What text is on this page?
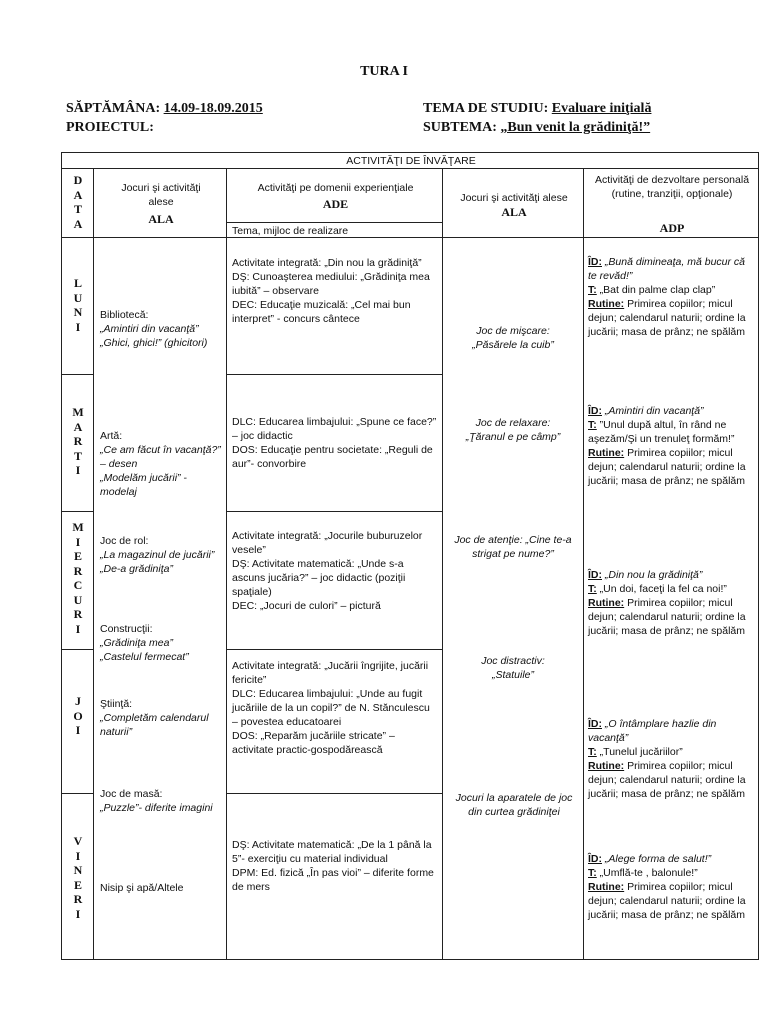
TURA I
SĂPTĂMÂNA: 14.09-18.09.2015
PROIECTUL:
TEMA DE STUDIU: Evaluare iniţială
SUBTEMA: „Bun venit la grădiniţă!”
ACTIVITĂŢI DE ÎNVĂŢARE
D
A
T
A
Jocuri şi activităţi alese
ALA
Activităţi pe domenii experienţiale
ADE
Tema, mijloc de realizare
Jocuri şi activităţi alese
ALA
Activităţi de dezvoltare personală (rutine, tranziţii, opţionale)
ADP
L
U
N
I
M
A
R
T
I
M
I
E
R
C
U
R
I
J
O
I
V
I
N
E
R
I
Bibliotecă:
„Amintiri din vacanţă”
„Ghici, ghici!” (ghicitori)
Artă:
„Ce am făcut în vacanţă?” – desen
„Modelăm jucării” - modelaj
Joc de rol:
„La magazinul de jucării”
„De-a grădiniţa”
Construcţii:
„Grădiniţa mea”
„Castelul fermecat”
Ştiinţă:
„Completăm calendarul naturii”
Joc de masă:
„Puzzle”- diferite imagini
Nisip şi apă/Altele
Activitate integrată: „Din nou la grădiniţă”
DŞ: Cunoaşterea mediului: „Grădiniţa mea iubită” – observare
DEC: Educaţie muzicală: „Cel mai bun interpret” - concurs cântece
DLC: Educarea limbajului: „Spune ce face?” – joc didactic
DOS: Educaţie pentru societate: „Reguli de aur”- convorbire
Activitate integrată: „Jocurile buburuzelor vesele”
DŞ: Activitate matematică: „Unde s-a ascuns jucăria?” – joc didactic (poziţii spaţiale)
DEC: „Jocuri de culori” – pictură
Activitate integrată: „Jucării îngrijite, jucării fericite”
DLC: Educarea limbajului: „Unde au fugit jucăriile de la un copil?” de N. Stănculescu – povestea educatoarei
DOS: „Reparăm jucăriile stricate” – activitate practic-gospodărească
DŞ: Activitate matematică: „De la 1 până la 5”- exerciţiu cu material individual
DPM: Ed. fizică „În pas vioi” – diferite forme de mers
Joc de mişcare:
„Păsărele la cuib”
Joc de relaxare:
„Ţăranul e pe câmp”
Joc de atenţie: „Cine te-a strigat pe nume?”
Joc distractiv:
„Statuile”
Jocuri la aparatele de joc din curtea grădiniţei
ÎD: „Bună dimineaţa, mă bucur că te revăd!”
T: „Bat din palme clap clap”
Rutine: Primirea copiilor; micul dejun; calendarul naturii; ordine la jucării; masa de prânz; ne spălăm
ÎD: „Amintiri din vacanţă”
T: ”Unul după altul, în rând ne aşezăm/Şi un trenuleţ formăm!”
Rutine: Primirea copiilor; micul dejun; calendarul naturii; ordine la jucării; masa de prânz; ne spălăm
ÎD: „Din nou la grădiniţă”
T: „Un doi, faceţi la fel ca noi!”
Rutine: Primirea copiilor; micul dejun; calendarul naturii; ordine la jucării; masa de prânz; ne spălăm
ÎD: „O întâmplare hazlie din vacanţă”
T: „Tunelul jucăriilor”
Rutine: Primirea copiilor; micul dejun; calendarul naturii; ordine la jucării; masa de prânz; ne spălăm
ÎD: „Alege forma de salut!”
T: „Umflă-te , balonule!”
Rutine: Primirea copiilor; micul dejun; calendarul naturii; ordine la jucării; masa de prânz; ne spălăm
